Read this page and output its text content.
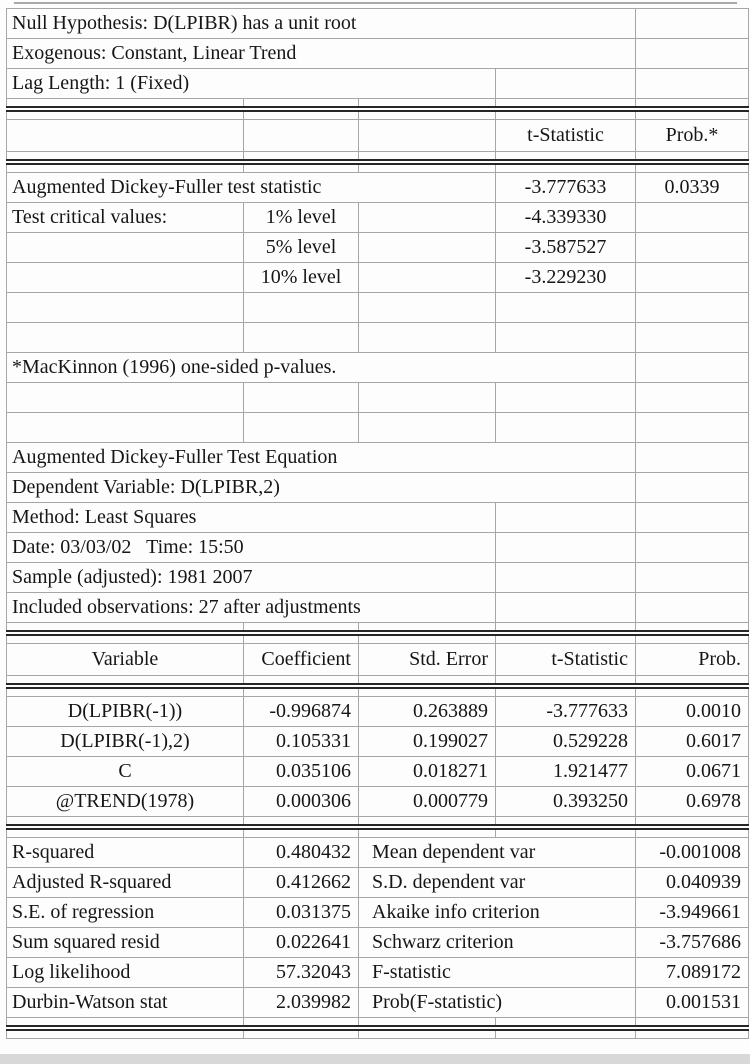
Null Hypothesis: D(LPIBR) has a unit root				
Exogenous: Constant, Linear Trend				
Lag Length: 1 (Fixed)				

			t-Statistic	Prob.*

Augmented Dickey-Fuller test statistic			-3.777633	0.0339
Test critical values:	1% level		-4.339330	
	5% level		-3.587527	
	10% level		-3.229230	

*MacKinnon (1996) one-sided p-values.				

Augmented Dickey-Fuller Test Equation				
Dependent Variable: D(LPIBR,2)				
Method: Least Squares				
Date: 03/03/02   Time: 15:50				
Sample (adjusted): 1981 2007				
Included observations: 27 after adjustments				

Variable	Coefficient	Std. Error	t-Statistic	Prob.

D(LPIBR(-1))	-0.996874	0.263889	-3.777633	0.0010
D(LPIBR(-1),2)	0.105331	0.199027	0.529228	0.6017
C	0.035106	0.018271	1.921477	0.0671
@TREND(1978)	0.000306	0.000779	0.393250	0.6978

R-squared	0.480432	Mean dependent var		-0.001008
Adjusted R-squared	0.412662	S.D. dependent var		0.040939
S.E. of regression	0.031375	Akaike info criterion		-3.949661
Sum squared resid	0.022641	Schwarz criterion		-3.757686
Log likelihood	57.32043	F-statistic		7.089172
Durbin-Watson stat	2.039982	Prob(F-statistic)		0.001531
